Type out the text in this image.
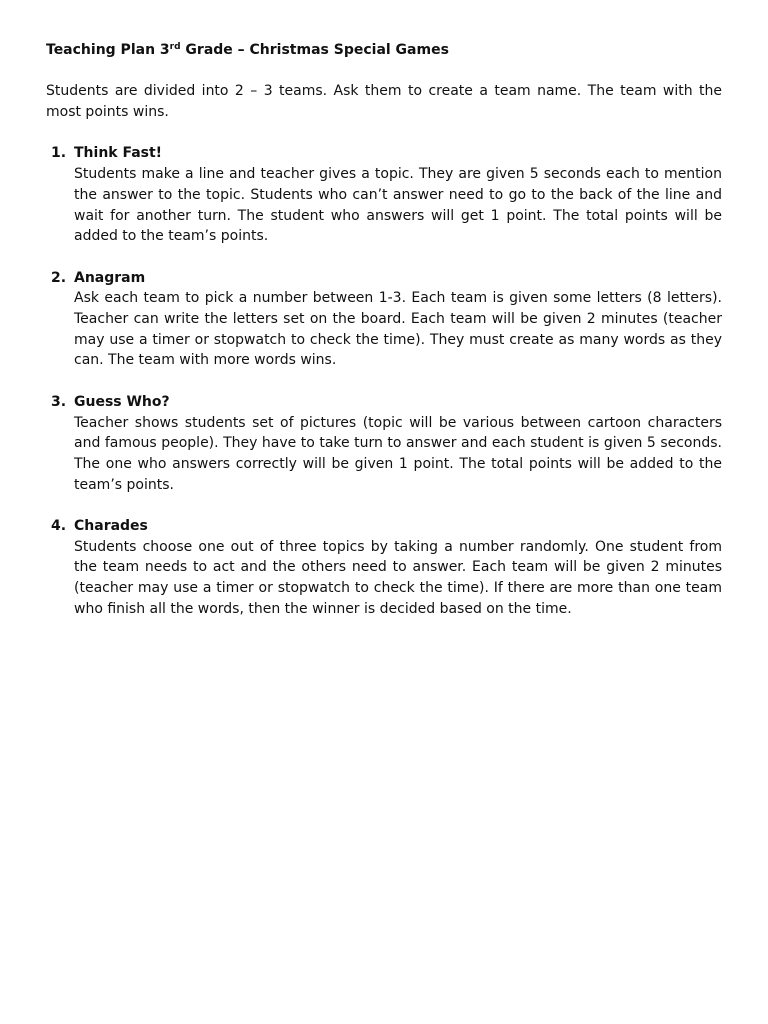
Teaching Plan 3rd Grade – Christmas Special Games
Students are divided into 2 – 3 teams. Ask them to create a team name. The team with the most points wins.
1. Think Fast!
Students make a line and teacher gives a topic. They are given 5 seconds each to mention the answer to the topic. Students who can’t answer need to go to the back of the line and wait for another turn. The student who answers will get 1 point. The total points will be added to the team’s points.
2. Anagram
Ask each team to pick a number between 1-3. Each team is given some letters (8 letters). Teacher can write the letters set on the board. Each team will be given 2 minutes (teacher may use a timer or stopwatch to check the time). They must create as many words as they can. The team with more words wins.
3. Guess Who?
Teacher shows students set of pictures (topic will be various between cartoon characters and famous people). They have to take turn to answer and each student is given 5 seconds. The one who answers correctly will be given 1 point. The total points will be added to the team’s points.
4. Charades
Students choose one out of three topics by taking a number randomly. One student from the team needs to act and the others need to answer. Each team will be given 2 minutes (teacher may use a timer or stopwatch to check the time). If there are more than one team who finish all the words, then the winner is decided based on the time.
